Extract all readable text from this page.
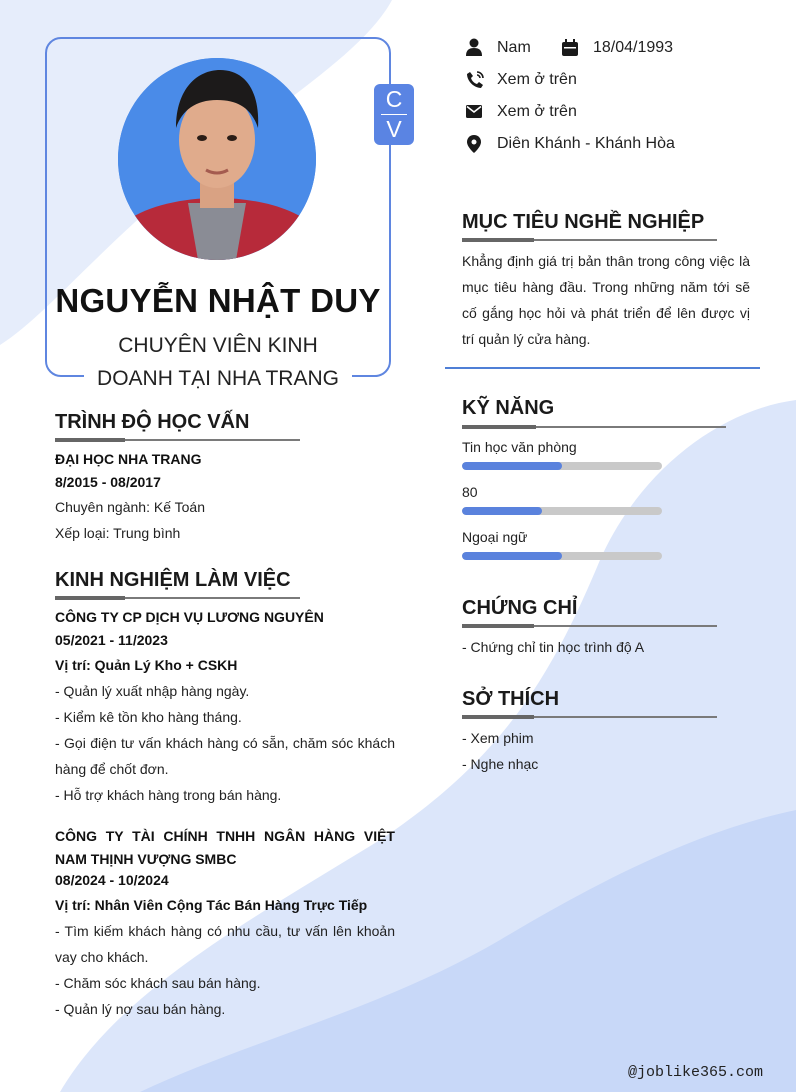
C
V
NGUYỄN NHẬT DUY
CHUYÊN VIÊN KINH
DOANH TẠI NHA TRANG
Nam	18/04/1993
Xem ở trên
Xem ở trên
Diên Khánh - Khánh Hòa
MỤC TIÊU NGHỀ NGHIỆP
Khẳng định giá trị bản thân trong công việc là mục tiêu hàng đầu. Trong những năm tới sẽ cố gắng học hỏi và phát triển để lên được vị trí quản lý cửa hàng.
KỸ NĂNG
Tin học văn phòng
80
Ngoại ngữ
CHỨNG CHỈ
- Chứng chỉ tin học trình độ A
SỞ THÍCH
- Xem phim
- Nghe nhạc
TRÌNH ĐỘ HỌC VẤN
ĐẠI HỌC NHA TRANG
8/2015 - 08/2017
Chuyên ngành: Kế Toán
Xếp loại: Trung bình
KINH NGHIỆM LÀM VIỆC
CÔNG TY CP DỊCH VỤ LƯƠNG NGUYÊN
05/2021 - 11/2023
Vị trí: Quản Lý Kho + CSKH
- Quản lý xuất nhập hàng ngày.
- Kiểm kê tồn kho hàng tháng.
- Gọi điện tư vấn khách hàng có sẵn, chăm sóc khách hàng để chốt đơn.
- Hỗ trợ khách hàng trong bán hàng.
CÔNG TY TÀI CHÍNH TNHH NGÂN HÀNG VIỆT NAM THỊNH VƯỢNG SMBC
08/2024 - 10/2024
Vị trí: Nhân Viên Cộng Tác Bán Hàng Trực Tiếp
- Tìm kiếm khách hàng có nhu cầu, tư vấn lên khoản vay cho khách.
- Chăm sóc khách sau bán hàng.
- Quản lý nợ sau bán hàng.
@joblike365.com
